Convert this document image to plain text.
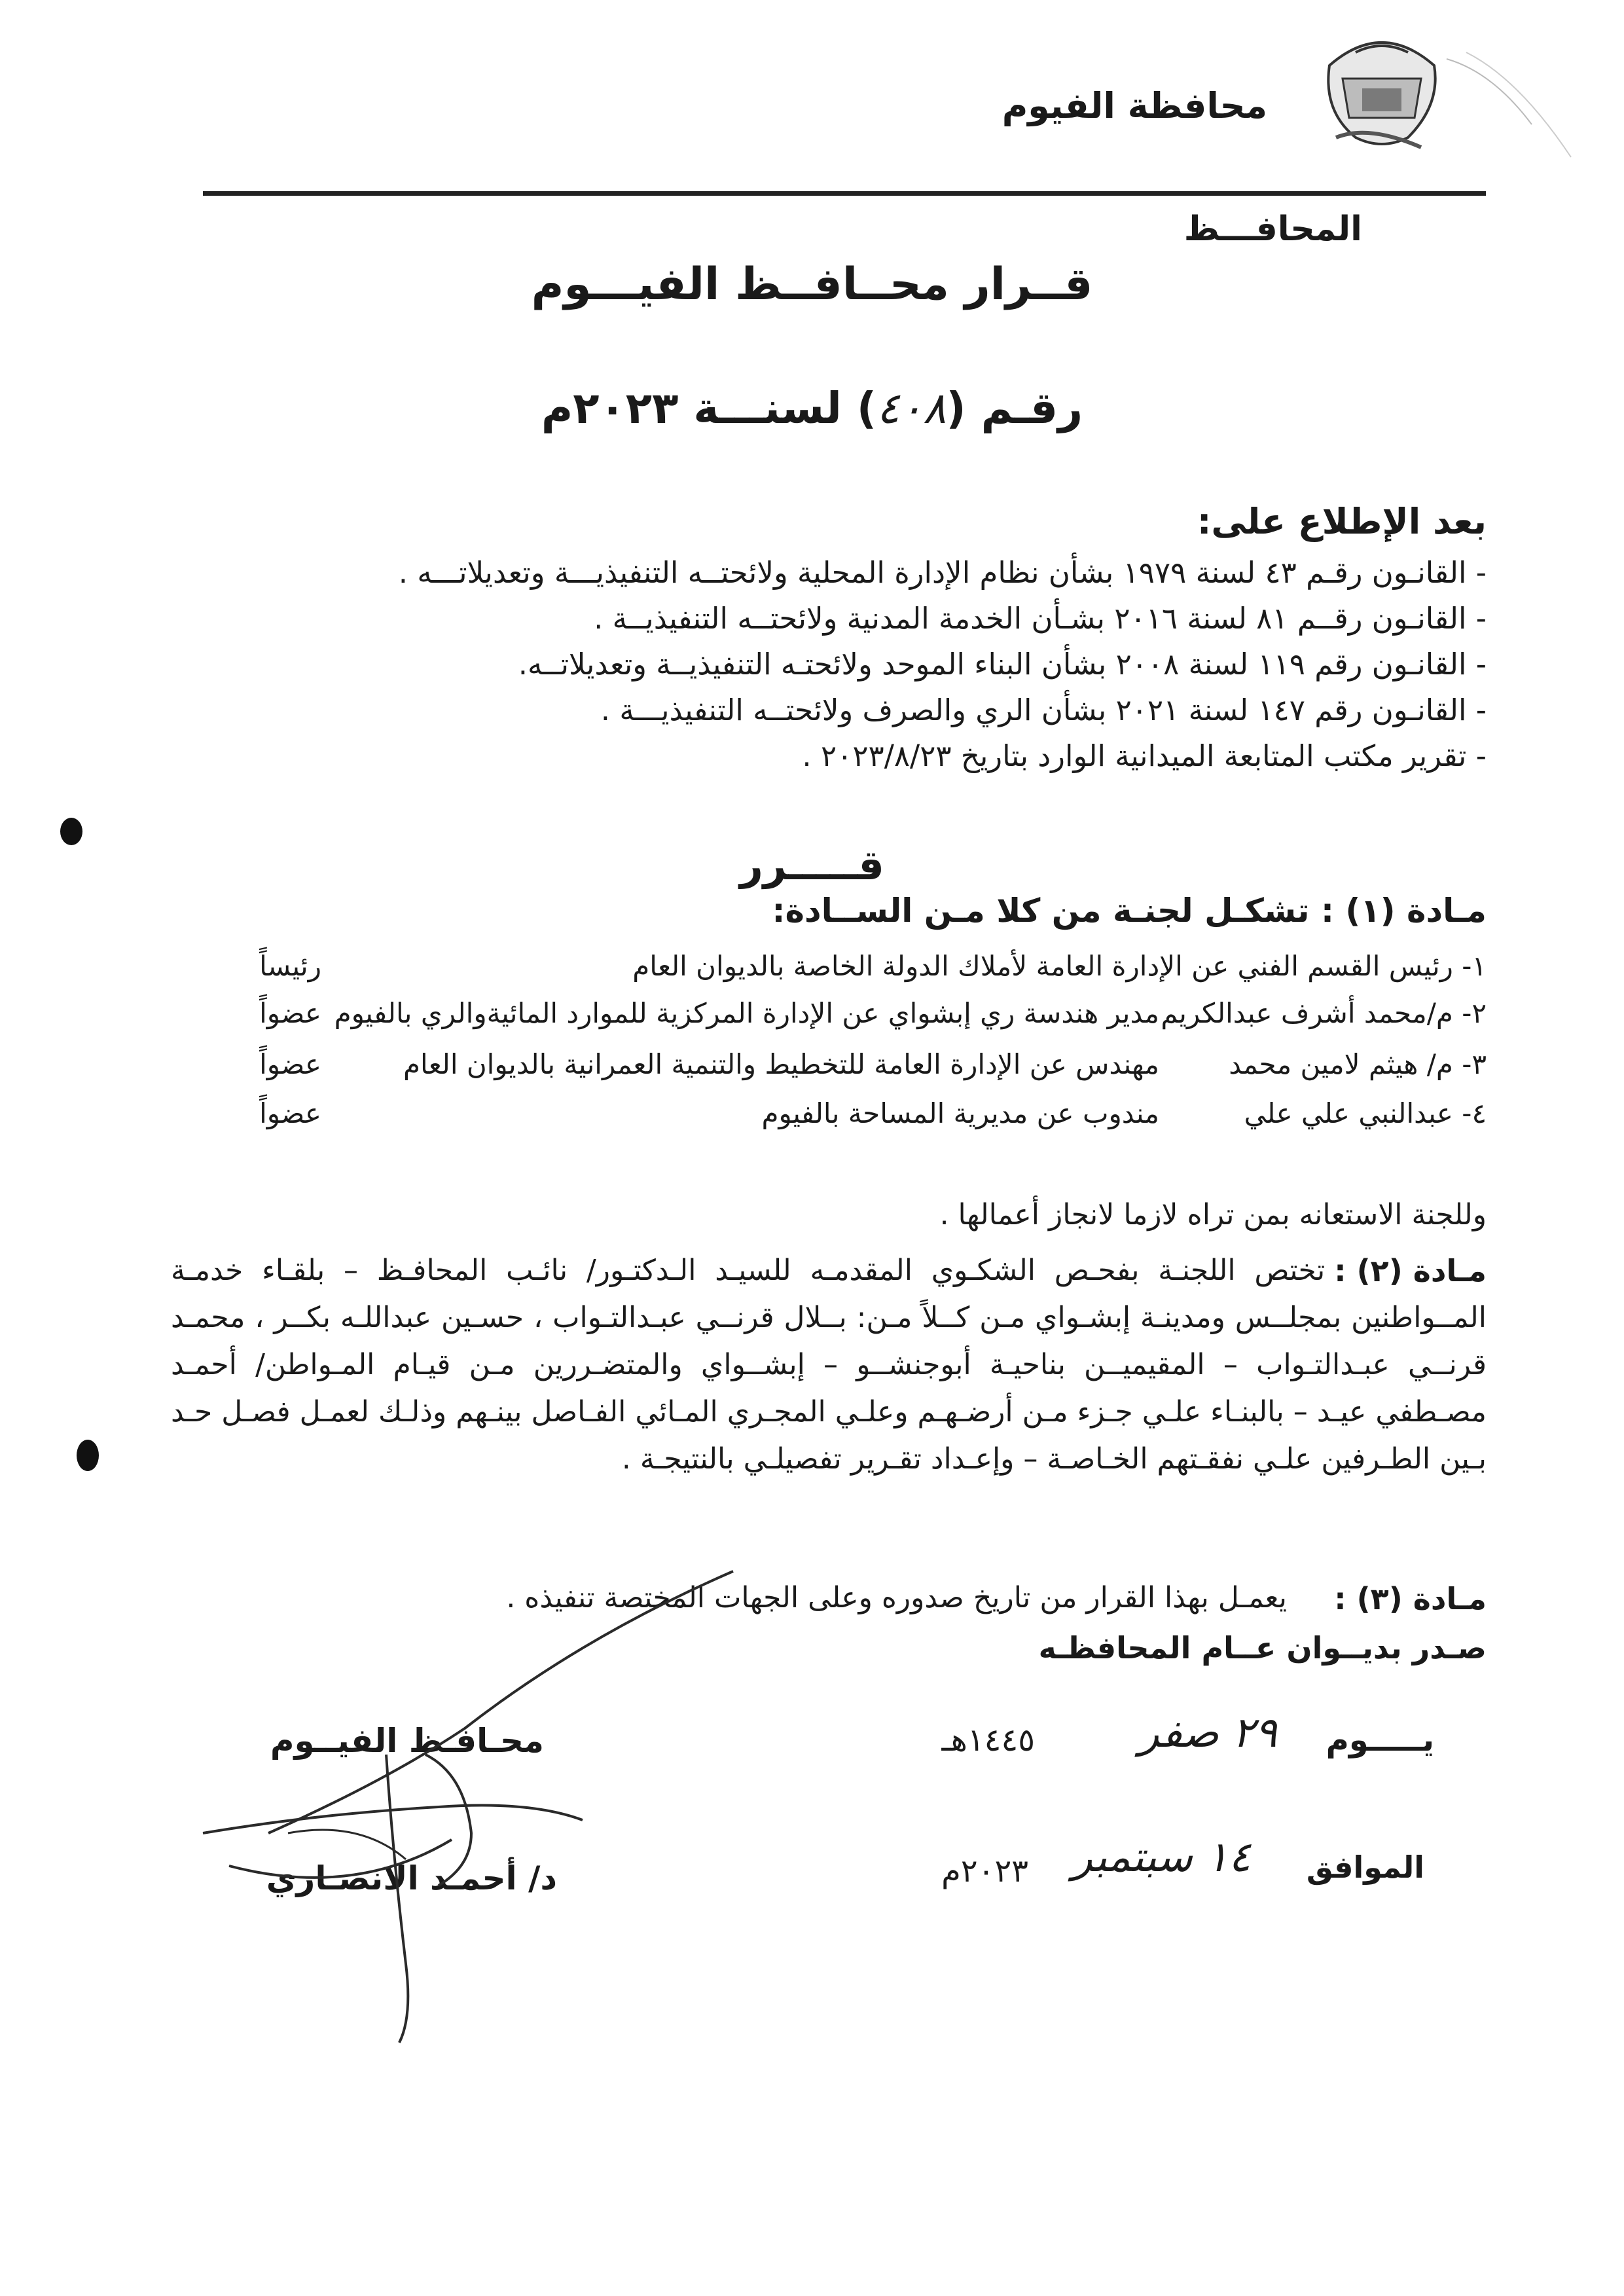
محافظة الفيوم
المحافـــظ
قــرار محــافــظ الفيـــوم
رقـم (٤٠٨) لسنـــة ٢٠٢٣م
بعد الإطلاع على:
- القانـون رقـم ٤٣ لسنة ١٩٧٩ بشأن نظام الإدارة المحلية ولائحتــه التنفيذيـــة وتعديلاتـــه .
- القانـون رقــم ٨١ لسنة ٢٠١٦ بشـأن الخدمة المدنية ولائحتــه التنفيذيــة .
- القانـون رقم ١١٩ لسنة ٢٠٠٨ بشأن البناء الموحد ولائحتـه التنفيذيــة وتعديلاتــه.
- القانـون رقم ١٤٧ لسنة ٢٠٢١ بشأن الري والصرف ولائحتــه التنفيذيـــة .
- تقرير مكتب المتابعة الميدانية الوارد بتاريخ ٢٠٢٣/٨/٢٣ .
قـــــرر
مـادة (١) : تشكـل لجنـة من كلا مـن الســادة:
١- رئيس القسم الفني عن الإدارة العامة لأملاك الدولة الخاصة بالديوان العام
رئيساً
٢- م/محمد أشرف عبدالكريم
مدير هندسة ري إبشواي عن الإدارة المركزية للموارد المائيةوالري بالفيوم
عضواً
٣- م/ هيثم لامين محمد
مهندس عن الإدارة العامة للتخطيط والتنمية العمرانية بالديوان العام
عضواً
٤- عبدالنبي علي علي
مندوب عن مديرية المساحة بالفيوم
عضواً
وللجنة الاستعانه بمن تراه لازما لانجاز أعمالها .
مـادة (٢) :
تختص اللجنـة بفحـص الشكـوي المقدمـه للسيـد الـدكتـور/ نائـب المحافـظ – بلقـاء خدمـة المــواطنين بمجلــس ومدينـة إبشـواي مـن كــلاً مـن: بــلال قرنــي عبـدالتـواب ، حسـين عبداللـه بكــر ، محمـد قرنــي عبـدالتـواب – المقيميــن بناحيـة أبوجنشــو – إبشــواي والمتضـررين مـن قيـام المـواطن/ أحمـد مصـطفي عيـد – بالبنـاء علـي جـزء مـن أرضـهـم وعلـي المجـري المـائي الفـاصل بينـهم وذلـك لعمـل فصـل حـد بـين الطـرفين علـي نفقـتهم الخـاصـة – وإعـداد تقـرير تفصيلـي بالنتيجـة .
مـادة (٣) :
يعمـل بهذا القرار من تاريخ صدوره وعلى الجهات المختصة تنفيذه .
صـدر بديــوان عــام المحافظـه
يـــــوم
٢٩ صفر
١٤٤٥هـ
محـافـظ الفيــوم
الموافق
١٤ سبتمبر
٢٠٢٣م
د/ أحمـد الانصـاري
